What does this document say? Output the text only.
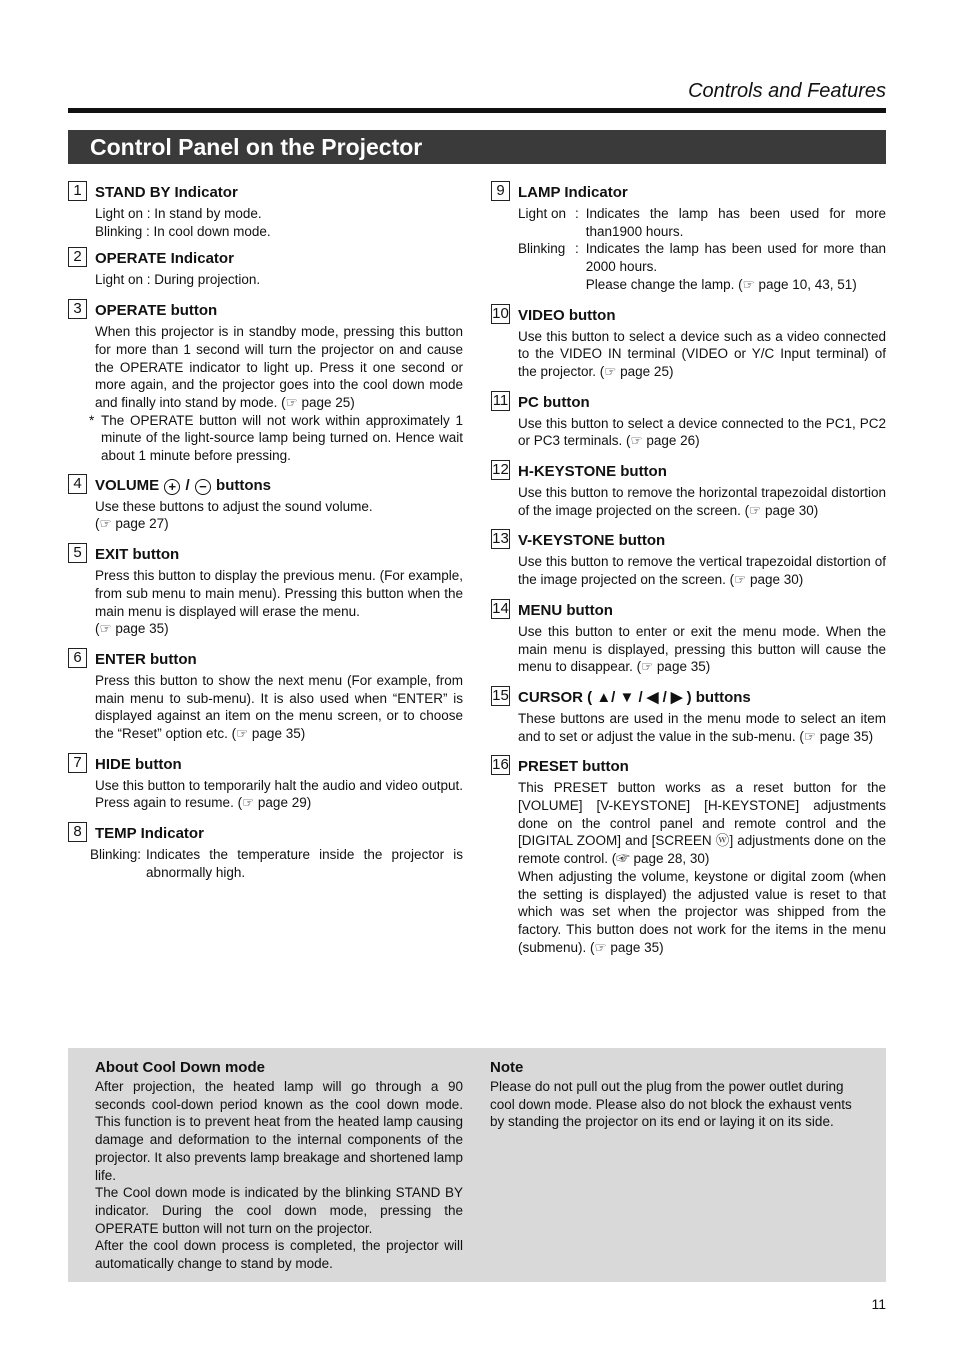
Controls and Features
Control Panel on the Projector
1 STAND BY Indicator
Light on : In stand by mode.
Blinking : In cool down mode.
2 OPERATE Indicator
Light on : During projection.
3 OPERATE button
When this projector is in standby mode, pressing this button for more than 1 second will turn the projector on and cause the OPERATE indicator to light up. Press it one second or more again, and the projector goes into the cool down mode and finally into stand by mode. (☞ page 25)
* The OPERATE button will not work within approximately 1 minute of the light-source lamp being turned on. Hence wait about 1 minute before pressing.
4 VOLUME + / − buttons
Use these buttons to adjust the sound volume.
(☞ page 27)
5 EXIT button
Press this button to display the previous menu. (For example, from sub menu to main menu). Pressing this button when the main menu is displayed will erase the menu.
(☞ page 35)
6 ENTER button
Press this button to show the next menu (For example, from main menu to sub-menu). It is also used when “ENTER” is displayed against an item on the menu screen, or to choose the “Reset” option etc. (☞ page 35)
7 HIDE button
Use this button to temporarily halt the audio and video output. Press again to resume. (☞ page 29)
8 TEMP Indicator
Blinking : Indicates the temperature inside the projector is abnormally high.
9 LAMP Indicator
Light on : Indicates the lamp has been used for more than1900 hours.
Blinking : Indicates the lamp has been used for more than 2000 hours.
Please change the lamp. (☞ page 10, 43, 51)
10 VIDEO button
Use this button to select a device such as a video connected to the VIDEO IN terminal (VIDEO or Y/C Input terminal) of the projector. (☞ page 25)
11 PC button
Use this button to select a device connected to the PC1, PC2 or PC3 terminals. (☞ page 26)
12 H-KEYSTONE button
Use this button to remove the horizontal trapezoidal distortion of the image projected on the screen. (☞ page 30)
13 V-KEYSTONE button
Use this button to remove the vertical trapezoidal distortion of the image projected on the screen. (☞ page 30)
14 MENU button
Use this button to enter or exit the menu mode. When the main menu is displayed, pressing this button will cause the menu to disappear. (☞ page 35)
15 CURSOR ( ▲/ ▼ / ◀ / ▶ ) buttons
These buttons are used in the menu mode to select an item and to set or adjust the value in the sub-menu. (☞ page 35)
16 PRESET button
This PRESET button works as a reset button for the [VOLUME] [V-KEYSTONE] [H-KEYSTONE] adjustments done on the control panel and remote control and the [DIGITAL ZOOM] and [SCREEN ⓦ] adjustments done on the remote control. (☞ page 28, 30)
When adjusting the volume, keystone or digital zoom (when the setting is displayed) the adjusted value is reset to that which was set when the projector was shipped from the factory. This button does not work for the items in the menu (submenu). (☞ page 35)
About Cool Down mode
After projection, the heated lamp will go through a 90 seconds cool-down period known as the cool down mode. This function is to prevent heat from the heated lamp causing damage and deformation to the internal components of the projector. It also prevents lamp breakage and shortened lamp life.
The Cool down mode is indicated by the blinking STAND BY indicator. During the cool down mode, pressing the OPERATE button will not turn on the projector.
After the cool down process is completed, the projector will automatically change to stand by mode.
Note
Please do not pull out the plug from the power outlet during cool down mode. Please also do not block the exhaust vents by standing the projector on its end or laying it on its side.
11
